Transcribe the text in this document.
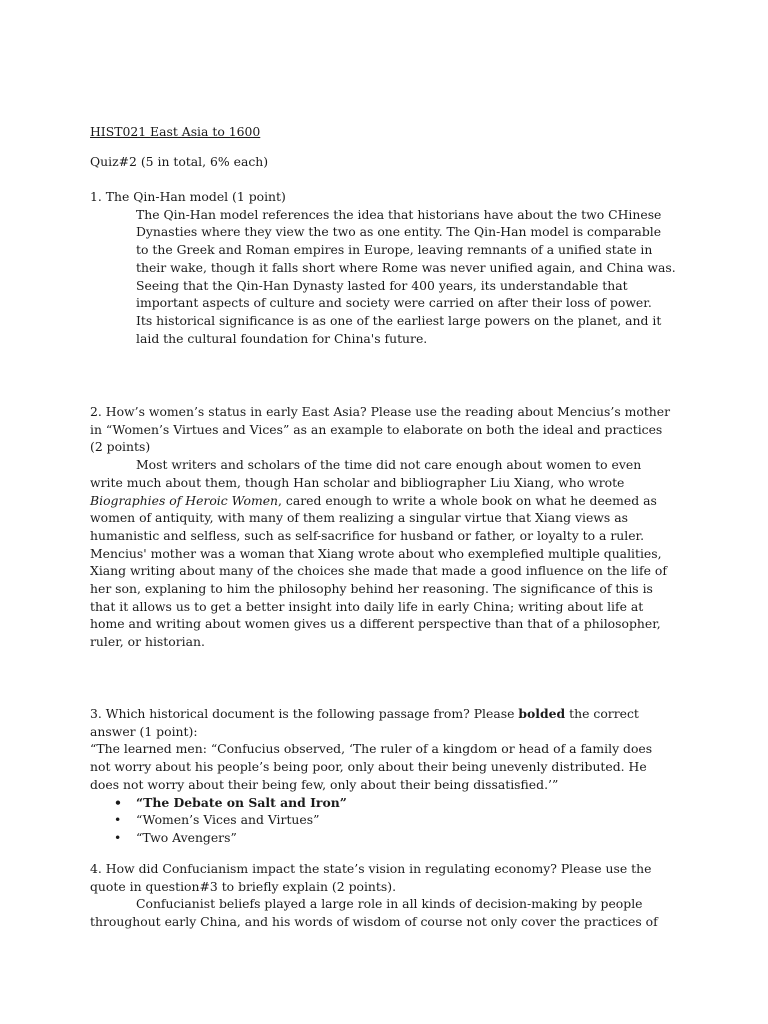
HIST021 East Asia to 1600
Quiz#2 (5 in total, 6% each)
1. The Qin-Han model (1 point)
The Qin-Han model references the idea that historians have about the two CHinese
Dynasties where they view the two as one entity. The Qin-Han model is comparable
to the Greek and Roman empires in Europe, leaving remnants of a unified state in
their wake, though it falls short where Rome was never unified again, and China was.
Seeing that the Qin-Han Dynasty lasted for 400 years, its understandable that
important aspects of culture and society were carried on after their loss of power.
Its historical significance is as one of the earliest large powers on the planet, and it
laid the cultural foundation for China's future.
2. How’s women’s status in early East Asia? Please use the reading about Mencius’s mother
in “Women’s Virtues and Vices” as an example to elaborate on both the ideal and practices
(2 points)
Most writers and scholars of the time did not care enough about women to even
write much about them, though Han scholar and bibliographer Liu Xiang, who wrote
Biographies of Heroic Women, cared enough to write a whole book on what he deemed as
women of antiquity, with many of them realizing a singular virtue that Xiang views as
humanistic and selfless, such as self-sacrifice for husband or father, or loyalty to a ruler.
Mencius' mother was a woman that Xiang wrote about who exemplefied multiple qualities,
Xiang writing about many of the choices she made that made a good influence on the life of
her son, explaning to him the philosophy behind her reasoning. The significance of this is
that it allows us to get a better insight into daily life in early China; writing about life at
home and writing about women gives us a different perspective than that of a philosopher,
ruler, or historian.
3. Which historical document is the following passage from? Please bolded the correct
answer (1 point):
“The learned men: “Confucius observed, ‘The ruler of a kingdom or head of a family does
not worry about his people’s being poor, only about their being unevenly distributed. He
does not worry about their being few, only about their being dissatisfied.’”
• “The Debate on Salt and Iron”
• “Women’s Vices and Virtues”
• “Two Avengers”
4. How did Confucianism impact the state’s vision in regulating economy? Please use the
quote in question#3 to briefly explain (2 points).
Confucianist beliefs played a large role in all kinds of decision-making by people
throughout early China, and his words of wisdom of course not only cover the practices of
